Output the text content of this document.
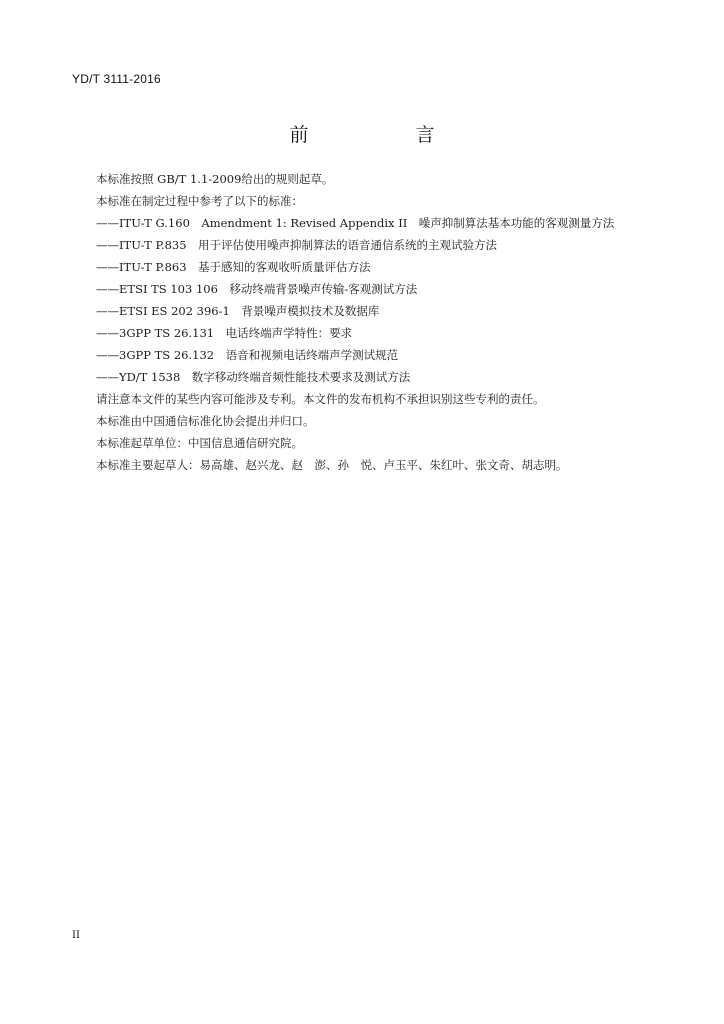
YD/T 3111-2016
前　言
本标准按照 GB/T 1.1-2009给出的规则起草。
本标准在制定过程中参考了以下的标准：
——ITU-T G.160　Amendment 1: Revised Appendix II　噪声抑制算法基本功能的客观测量方法
——ITU-T P.835　用于评估使用噪声抑制算法的语音通信系统的主观试验方法
——ITU-T P.863　基于感知的客观收听质量评估方法
——ETSI TS 103 106　移动终端背景噪声传输-客观测试方法
——ETSI ES 202 396-1　背景噪声模拟技术及数据库
——3GPP TS 26.131　电话终端声学特性：要求
——3GPP TS 26.132　语音和视频电话终端声学测试规范
——YD/T 1538　数字移动终端音频性能技术要求及测试方法
请注意本文件的某些内容可能涉及专利。本文件的发布机构不承担识别这些专利的责任。
本标准由中国通信标准化协会提出并归口。
本标准起草单位：中国信息通信研究院。
本标准主要起草人：易高雄、赵兴龙、赵　澎、孙　悦、卢玉平、朱红叶、张文奇、胡志明。
II
